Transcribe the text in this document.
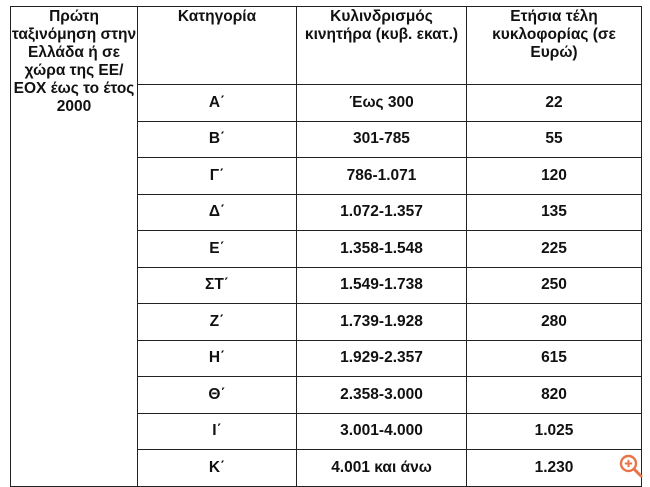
Πρώτη ταξινόμηση στην Ελλάδα ή σε χώρα της ΕΕ/ΕΟΧ έως το έτος 2000	Κατηγορία	Κυλινδρισμός κινητήρα (κυβ. εκατ.)	Ετήσια τέλη κυκλοφορίας (σε Ευρώ)
	Α΄	Έως 300	22
	Β΄	301-785	55
	Γ΄	786-1.071	120
	Δ΄	1.072-1.357	135
	Ε΄	1.358-1.548	225
	ΣΤ΄	1.549-1.738	250
	Ζ΄	1.739-1.928	280
	Η΄	1.929-2.357	615
	Θ΄	2.358-3.000	820
	Ι΄	3.001-4.000	1.025
	Κ΄	4.001 και άνω	1.230
